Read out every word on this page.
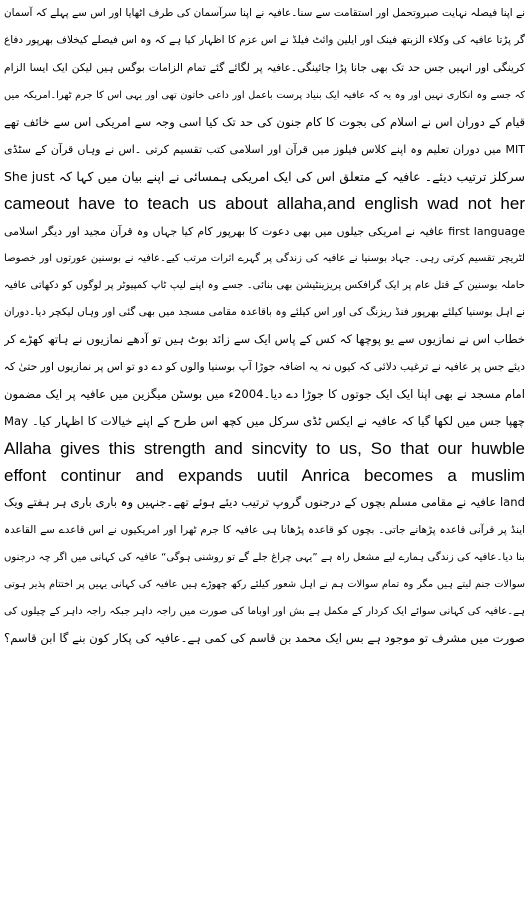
نے اپنا فیصلہ نہایت صبروتحمل اور استقامت سے سنا۔عافیہ نے اپنا سرآسمان کی طرف اٹھایا اور اس سے پہلے کہ آسمان
گر پڑتا عافیہ کی وکلاء الزبتھ فینک اور ایلین وائٹ فیلڈ نے اس عزم کا اظہار کیا ہے کہ وہ اس فیصلے کیخلاف بھرپور دفاع
کرینگی اور انہیں جس حد تک بھی جانا پڑا جائینگی۔عافیہ پر لگائے گئے تمام الزامات بوگس ہیں لیکن ایک ایسا الزام
کہ جسے وہ انکاری نہیں اور وہ یہ کہ عافیہ ایک بنیاد پرست باعمل اور داعی خاتون تھی اور یہی اس کا جرم ٹھرا۔امریکہ میں
قیام کے دوران اس نے اسلام کی بجوت کا کام جنون کی حد تک کیا اسی وجہ سے امریکی اس سے خائف تھے
MIT میں دوران تعلیم وہ اپنے کلاس فیلوز میں قرآن اور اسلامی کتب تقسیم کرتی ۔اس نے وہاں قرآن کے سٹڈی
سرکلز ترتیب دیئے۔ عافیہ کے متعلق اس کی ایک امریکی ہمسائی نے اپنے بیان میں کہا کہ She just
cameout have to teach us about allaha,and english wad not her
first language عافیہ نے امریکی جیلوں میں بھی دعوت کا بھرپور کام کیا جہاں وہ قرآن مجید اور دیگر اسلامی
لٹریچر تقسیم کرتی رہی۔ جہاد بوسنیا نے عافیہ کی زندگی پر گہرے اثرات مرتب کیے۔عافیہ نے بوسنین عورتوں اور خصوصا
حاملہ بوسنین کے قتل عام پر ایک گرافکس پریزینٹیشن بھی بنائی۔ جسے وہ اپنے لیپ ٹاپ کمپیوٹر پر لوگوں کو دکھاتی عافیہ
نے اہل بوسنیا کیلئے بھرپور فنڈ ریزنگ کی اور اس کیلئے وہ باقاعدہ مقامی مسجد میں بھی گئی اور وہاں لیکچر دیا۔دوران
خطاب اس نے نمازیوں سے یو پوچھا کہ کس کے پاس ایک سے زائد بوٹ ہیں تو آدھے نمازیوں نے ہاتھ کھڑے کر
دیئے جس پر عافیہ نے ترغیب دلائی کہ کیوں نہ یہ اضافہ جوڑا آپ بوسنیا والوں کو دے دو تو اس پر نمازیوں اور حتیٰ کہ
امام مسجد نے بھی اپنا ایک ایک جوتوں کا جوڑا دے دیا۔2004ء میں بوسٹن میگزین میں عافیہ پر ایک مضمون
چھپا جس میں لکھا گیا کہ عافیہ نے ایکس ٹڈی سرکل میں کچھ اس طرح کے اپنے خیالات کا اظہار کیا۔ May
Allaha gives this strength and sincvity to us, So that our huwble
effont continur and expands uutil Anrica becomes a muslim
land عافیہ نے مقامی مسلم بچوں کے درجنوں گروپ ترتیب دیئے ہوئے تھے۔جنہیں وہ باری باری ہر ہفتے ویک
اینڈ پر قرآنی قاعدہ پڑھانے جاتی۔ بچوں کو قاعدہ پڑھانا ہی عافیہ کا جرم ٹھرا اور امریکیوں نے اس قاعدے سے القاعدہ
بنا دیا۔عافیہ کی زندگی ہمارے لیے مشعل راہ ہے ”یہی چراغ جلے گے تو روشنی ہوگی“ عافیہ کی کہانی میں اگر چہ درجنوں
سوالات جنم لیتے ہیں مگر وہ تمام سوالات ہم نے اہل شعور کیلئے رکھ چھوڑے ہیں عافیہ کی کہانی یہیں پر اختتام پذیر ہوتی
ہے۔عافیہ کی کہانی سوائے ایک کردار کے مکمل ہے بش اور اوباما کی صورت میں راجہ داہر جبکہ راجہ داہر کے چیلوں کی
صورت میں مشرف تو موجود ہے بس ایک محمد بن قاسم کی کمی ہے۔عافیہ کی پکار کون بنے گا ابن قاسم؟
